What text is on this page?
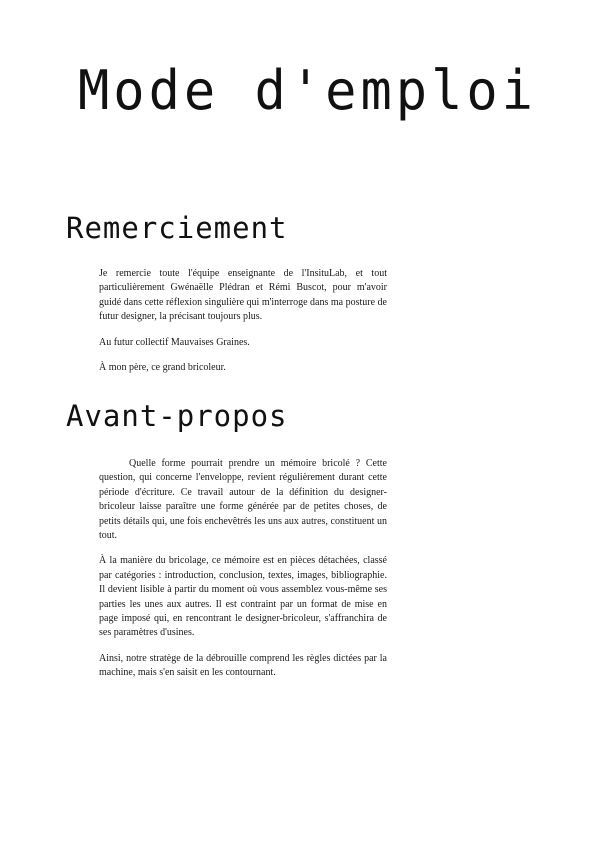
Mode d'emploi
Remerciement

Je remercie toute l'équipe enseignante de l'InsituLab, et tout particulièrement Gwénaëlle Plédran et Rémi Buscot, pour m'avoir guidé dans cette réflexion singulière qui m'interroge dans ma posture de futur designer, la précisant toujours plus.

Au futur collectif Mauvaises Graines.

À mon père, ce grand bricoleur.

Avant-propos

Quelle forme pourrait prendre un mémoire bricolé ? Cette question, qui concerne l'enveloppe, revient régulièrement durant cette période d'écriture. Ce travail autour de la définition du designer-bricoleur laisse paraître une forme générée par de petites choses, de petits détails qui, une fois enchevêtrés les uns aux autres, constituent un tout.

À la manière du bricolage, ce mémoire est en pièces détachées, classé par catégories : introduction, conclusion, textes, images, bibliographie. Il devient lisible à partir du moment où vous assemblez vous-même ses parties les unes aux autres. Il est contraint par un format de mise en page imposé qui, en rencontrant le designer-bricoleur, s'affranchira de ses paramètres d'usines.

Ainsi, notre stratège de la débrouille comprend les règles dictées par la machine, mais s'en saisit en les contournant.
